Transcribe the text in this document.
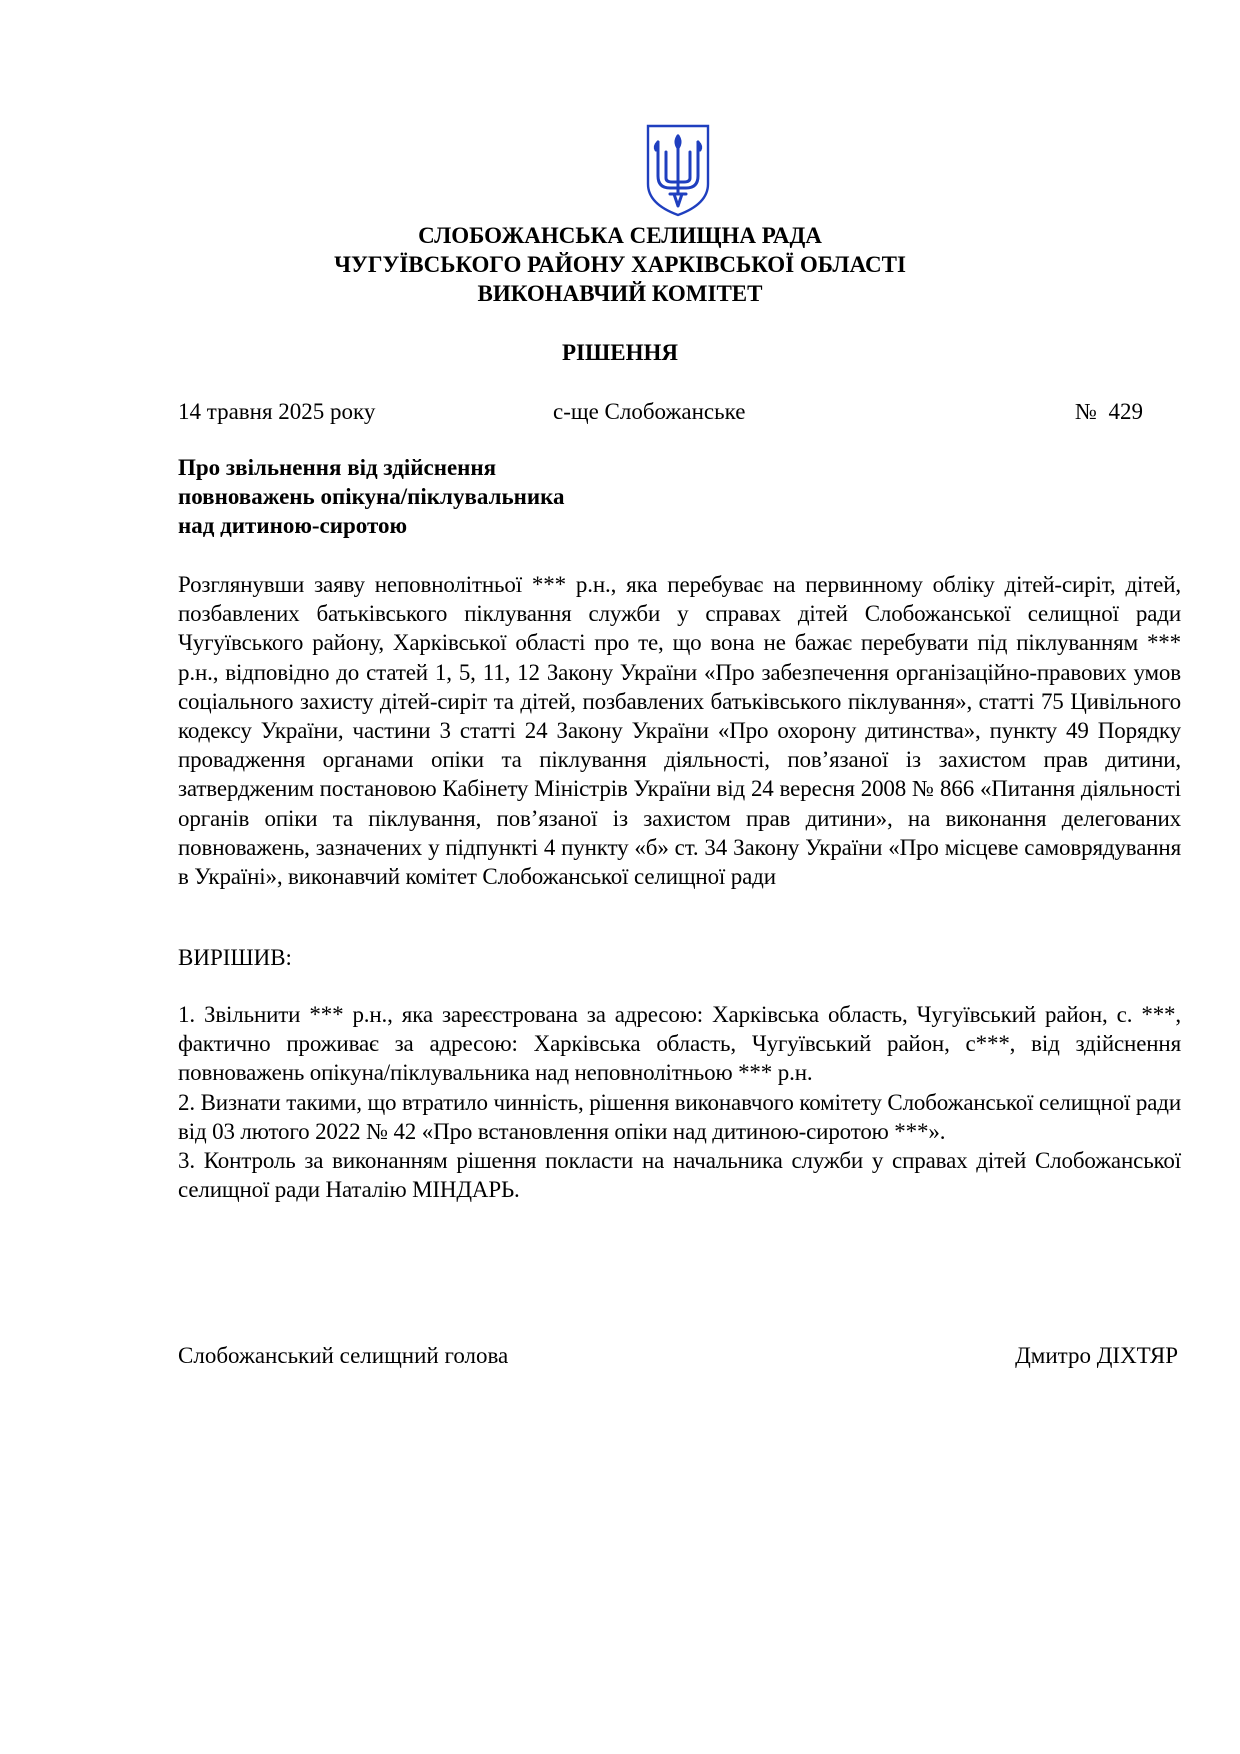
СЛОБОЖАНСЬКА СЕЛИЩНА РАДА
ЧУГУЇВСЬКОГО РАЙОНУ ХАРКІВСЬКОЇ ОБЛАСТІ
ВИКОНАВЧИЙ КОМІТЕТ
РІШЕННЯ
14 травня 2025 року	с-ще Слобожанське	№  429
Про звільнення від здійснення
повноважень опікуна/піклувальника
над дитиною-сиротою
Розглянувши заяву неповнолітньої *** р.н., яка перебуває на первинному обліку дітей-сиріт, дітей, позбавлених батьківського піклування служби у справах дітей Слобожанської селищної ради Чугуївського району, Харківської області про те, що вона не бажає перебувати під піклуванням *** р.н., відповідно до статей 1, 5, 11, 12 Закону України «Про забезпечення організаційно-правових умов соціального захисту дітей-сиріт та дітей, позбавлених батьківського піклування», статті 75 Цивільного кодексу України, частини 3 статті 24 Закону України «Про охорону дитинства», пункту 49 Порядку провадження органами опіки та піклування діяльності, пов’язаної із захистом прав дитини, затвердженим постановою Кабінету Міністрів України від 24 вересня 2008 № 866 «Питання діяльності органів опіки та піклування, пов’язаної із захистом прав дитини», на виконання делегованих повноважень, зазначених у підпункті 4 пункту «б» ст. 34 Закону України «Про місцеве самоврядування в Україні», виконавчий комітет Слобожанської селищної ради
ВИРІШИВ:

1. Звільнити *** р.н., яка зареєстрована за адресою: Харківська область, Чугуївський район, с. ***, фактично проживає за адресою: Харківська область, Чугуївський район, с***, від здійснення повноважень опікуна/піклувальника над неповнолітньою *** р.н.

2. Визнати такими, що втратило чинність, рішення виконавчого комітету Слобожанської селищної ради від 03 лютого 2022 № 42 «Про встановлення опіки над дитиною-сиротою ***».

3. Контроль за виконанням рішення покласти на начальника служби у справах дітей Слобожанської селищної ради Наталію МІНДАРЬ.

Слобожанський селищний голова	Дмитро ДІХТЯР
